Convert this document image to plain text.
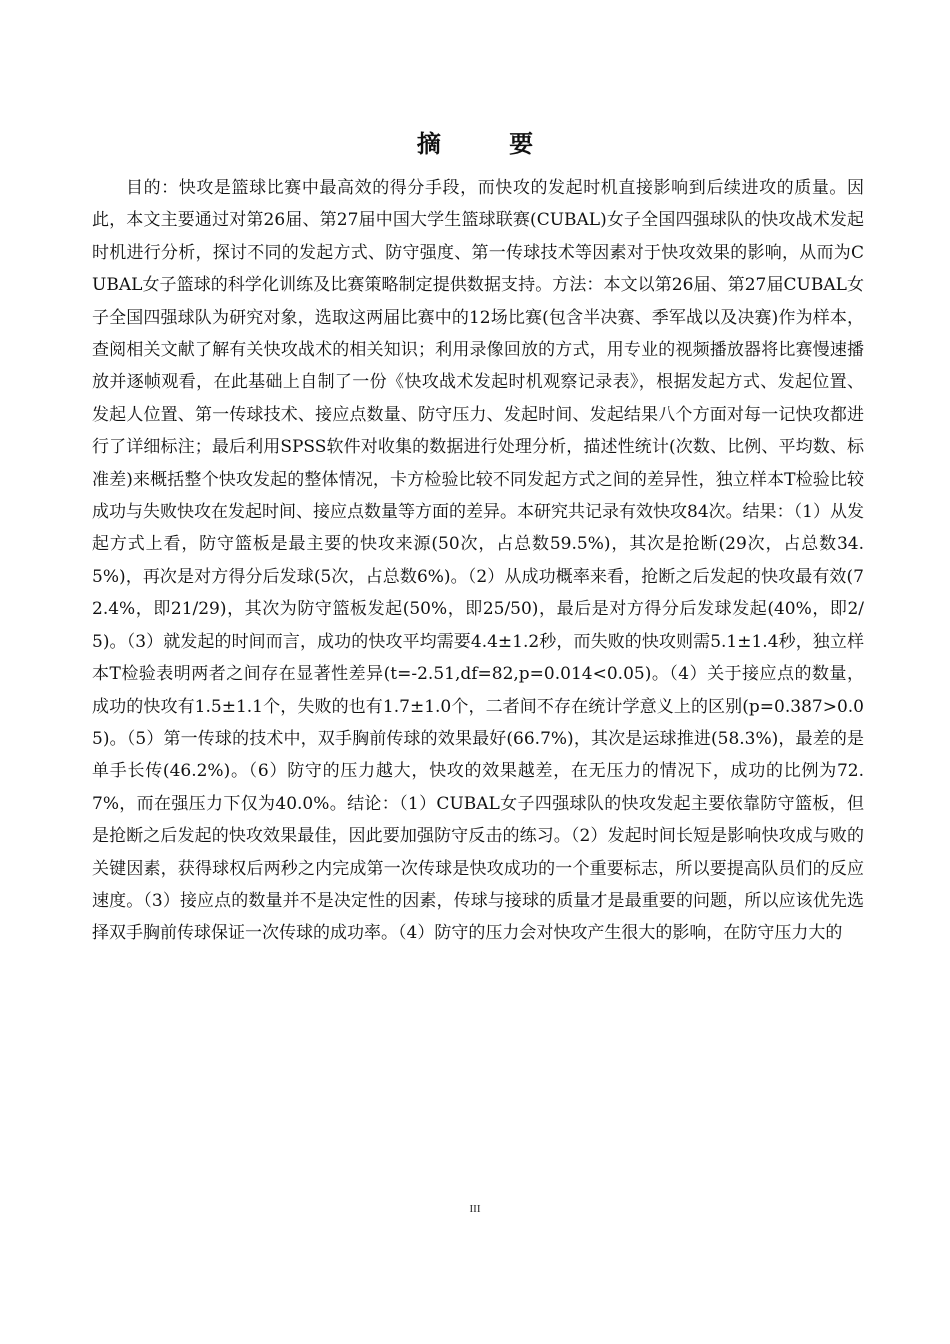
摘 要
目的：快攻是篮球比赛中最高效的得分手段，而快攻的发起时机直接影响到后续进攻的质量。因此，本文主要通过对第26届、第27届中国大学生篮球联赛(CUBAL)女子全国四强球队的快攻战术发起时机进行分析，探讨不同的发起方式、防守强度、第一传球技术等因素对于快攻效果的影响，从而为CUBAL女子篮球的科学化训练及比赛策略制定提供数据支持。方法：本文以第26届、第27届CUBAL女子全国四强球队为研究对象，选取这两届比赛中的12场比赛(包含半决赛、季军战以及决赛)作为样本，查阅相关文献了解有关快攻战术的相关知识；利用录像回放的方式，用专业的视频播放器将比赛慢速播放并逐帧观看，在此基础上自制了一份《快攻战术发起时机观察记录表》，根据发起方式、发起位置、发起人位置、第一传球技术、接应点数量、防守压力、发起时间、发起结果八个方面对每一记快攻都进行了详细标注；最后利用SPSS软件对收集的数据进行处理分析，描述性统计(次数、比例、平均数、标准差)来概括整个快攻发起的整体情况，卡方检验比较不同发起方式之间的差异性，独立样本T检验比较成功与失败快攻在发起时间、接应点数量等方面的差异。本研究共记录有效快攻84次。结果：（1）从发起方式上看，防守篮板是最主要的快攻来源(50次，占总数59.5%)，其次是抢断(29次，占总数34.5%)，再次是对方得分后发球(5次，占总数6%)。（2）从成功概率来看，抢断之后发起的快攻最有效(72.4%，即21/29)，其次为防守篮板发起(50%，即25/50)，最后是对方得分后发球发起(40%，即2/5)。（3）就发起的时间而言，成功的快攻平均需要4.4±1.2秒，而失败的快攻则需5.1±1.4秒，独立样本T检验表明两者之间存在显著性差异(t=-2.51,df=82,p=0.014<0.05)。（4）关于接应点的数量，成功的快攻有1.5±1.1个，失败的也有1.7±1.0个，二者间不存在统计学意义上的区别(p=0.387>0.05)。（5）第一传球的技术中，双手胸前传球的效果最好(66.7%)，其次是运球推进(58.3%)，最差的是单手长传(46.2%)。（6）防守的压力越大，快攻的效果越差，在无压力的情况下，成功的比例为72.7%，而在强压力下仅为40.0%。结论：（1）CUBAL女子四强球队的快攻发起主要依靠防守篮板，但是抢断之后发起的快攻效果最佳，因此要加强防守反击的练习。（2）发起时间长短是影响快攻成与败的关键因素，获得球权后两秒之内完成第一次传球是快攻成功的一个重要标志，所以要提高队员们的反应速度。（3）接应点的数量并不是决定性的因素，传球与接球的质量才是最重要的问题，所以应该优先选择双手胸前传球保证一次传球的成功率。（4）防守的压力会对快攻产生很大的影响，在防守压力大的
III
